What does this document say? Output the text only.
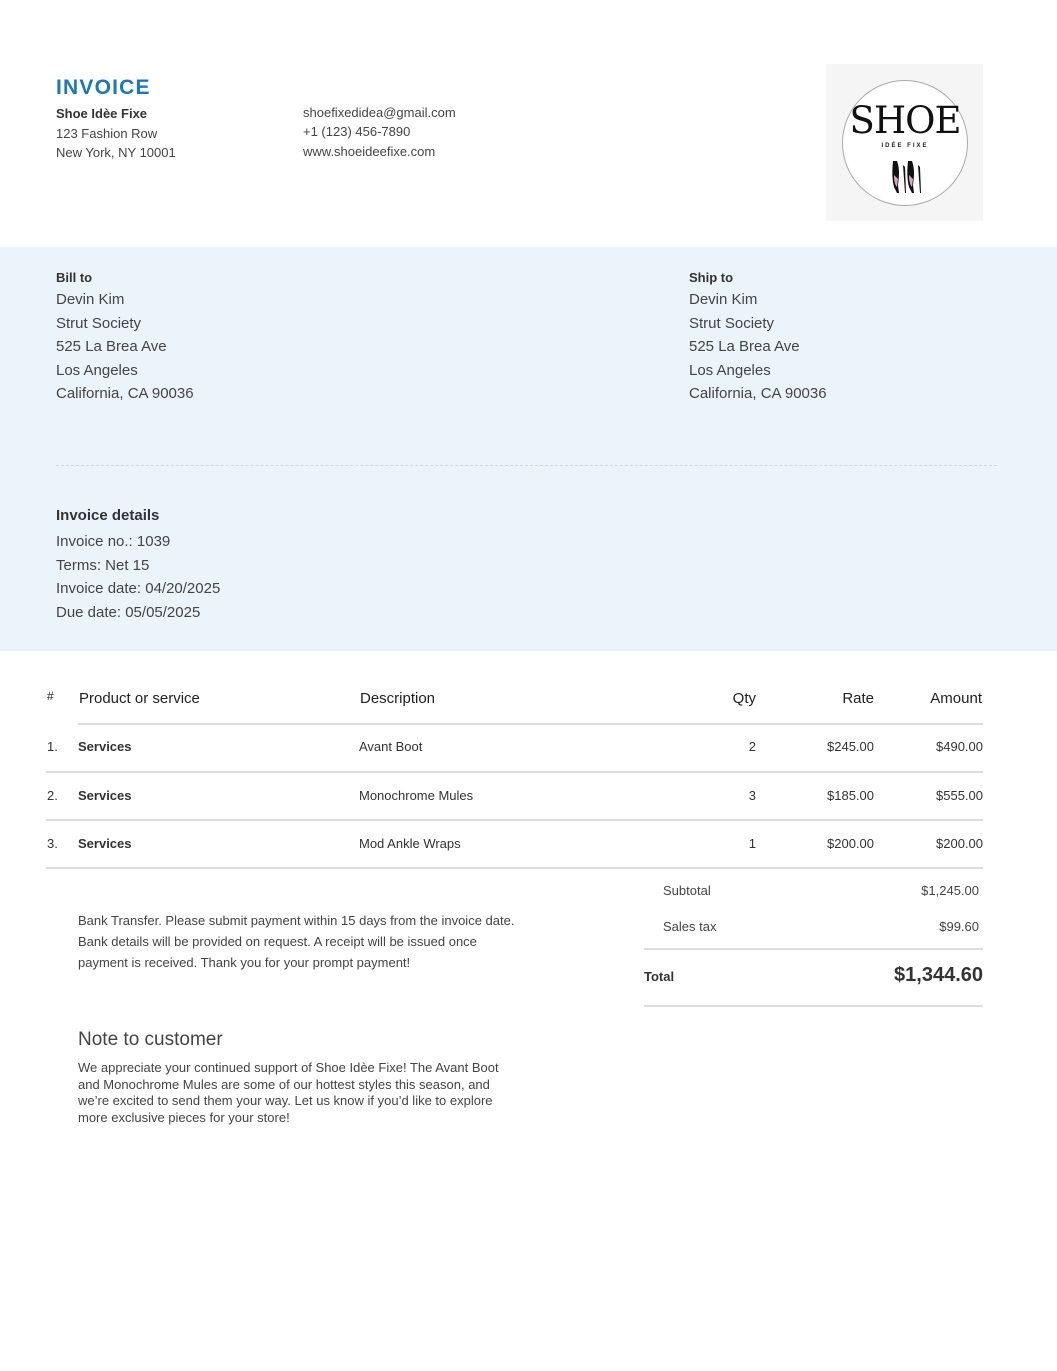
INVOICE
Shoe Idèe Fixe
123 Fashion Row
New York, NY 10001
shoefixedidea@gmail.com
+1 (123) 456-7890
www.shoeideefixe.com
SHOE
IDÉE FIXE
Bill to
Devin Kim
Strut Society
525 La Brea Ave
Los Angeles
California, CA 90036
Ship to
Devin Kim
Strut Society
525 La Brea Ave
Los Angeles
California, CA 90036
Invoice details
Invoice no.: 1039
Terms: Net 15
Invoice date: 04/20/2025
Due date: 05/05/2025
# Product or service	Description	Qty	Rate	Amount
1. Services	Avant Boot	2	$245.00	$490.00
2. Services	Monochrome Mules	3	$185.00	$555.00
3. Services	Mod Ankle Wraps	1	$200.00	$200.00
Subtotal	$1,245.00
Sales tax	$99.60
Total	$1,344.60
Bank Transfer. Please submit payment within 15 days from the invoice date. Bank details will be provided on request. A receipt will be issued once payment is received. Thank you for your prompt payment!
Note to customer
We appreciate your continued support of Shoe Idèe Fixe! The Avant Boot and Monochrome Mules are some of our hottest styles this season, and we’re excited to send them your way. Let us know if you’d like to explore more exclusive pieces for your store!
